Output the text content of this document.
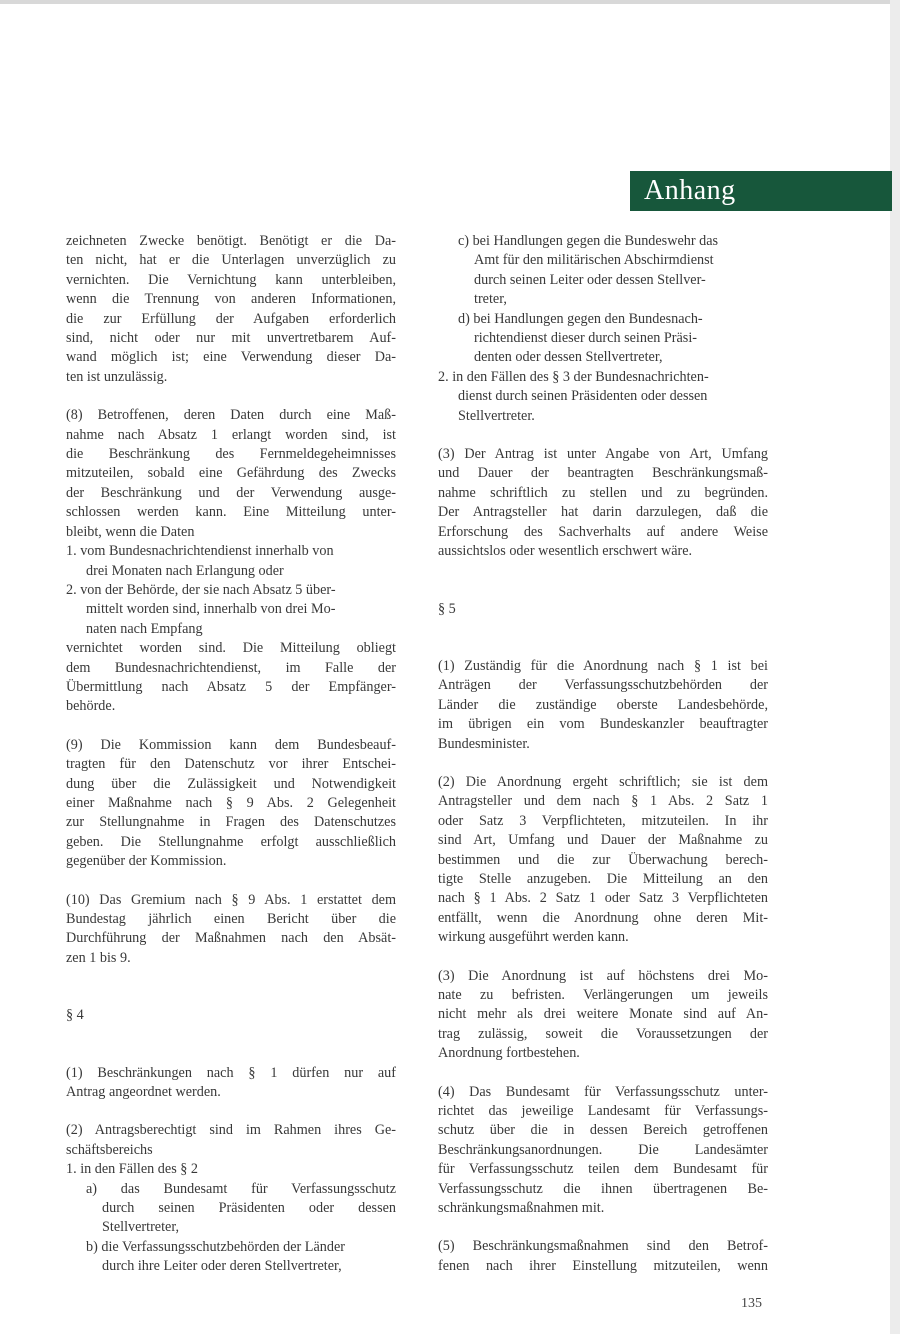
Anhang
zeichneten Zwecke benötigt. Benötigt er die Da-
ten nicht, hat er die Unterlagen unverzüglich zu
vernichten. Die Vernichtung kann unterbleiben,
wenn die Trennung von anderen Informationen,
die zur Erfüllung der Aufgaben erforderlich
sind, nicht oder nur mit unvertretbarem Auf-
wand möglich ist; eine Verwendung dieser Da-
ten ist unzulässig.
(8) Betroffenen, deren Daten durch eine Maß-
nahme nach Absatz 1 erlangt worden sind, ist
die Beschränkung des Fernmeldegeheimnisses
mitzuteilen, sobald eine Gefährdung des Zwecks
der Beschränkung und der Verwendung ausge-
schlossen werden kann. Eine Mitteilung unter-
bleibt, wenn die Daten
1. vom Bundesnachrichtendienst innerhalb von
drei Monaten nach Erlangung oder
2. von der Behörde, der sie nach Absatz 5 über-
mittelt worden sind, innerhalb von drei Mo-
naten nach Empfang
vernichtet worden sind. Die Mitteilung obliegt
dem Bundesnachrichtendienst, im Falle der
Übermittlung nach Absatz 5 der Empfänger-
behörde.
(9) Die Kommission kann dem Bundesbeauf-
tragten für den Datenschutz vor ihrer Entschei-
dung über die Zulässigkeit und Notwendigkeit
einer Maßnahme nach § 9 Abs. 2 Gelegenheit
zur Stellungnahme in Fragen des Datenschutzes
geben. Die Stellungnahme erfolgt ausschließlich
gegenüber der Kommission.
(10) Das Gremium nach § 9 Abs. 1 erstattet dem
Bundestag jährlich einen Bericht über die
Durchführung der Maßnahmen nach den Absät-
zen 1 bis 9.
§ 4
(1) Beschränkungen nach § 1 dürfen nur auf
Antrag angeordnet werden.
(2) Antragsberechtigt sind im Rahmen ihres Ge-
schäftsbereichs
1. in den Fällen des § 2
a) das Bundesamt für Verfassungsschutz
durch seinen Präsidenten oder dessen
Stellvertreter,
b) die Verfassungsschutzbehörden der Länder
durch ihre Leiter oder deren Stellvertreter,
c) bei Handlungen gegen die Bundeswehr das
Amt für den militärischen Abschirmdienst
durch seinen Leiter oder dessen Stellver-
treter,
d) bei Handlungen gegen den Bundesnach-
richtendienst dieser durch seinen Präsi-
denten oder dessen Stellvertreter,
2. in den Fällen des § 3 der Bundesnachrichten-
dienst durch seinen Präsidenten oder dessen
Stellvertreter.
(3) Der Antrag ist unter Angabe von Art, Umfang
und Dauer der beantragten Beschränkungsmaß-
nahme schriftlich zu stellen und zu begründen.
Der Antragsteller hat darin darzulegen, daß die
Erforschung des Sachverhalts auf andere Weise
aussichtslos oder wesentlich erschwert wäre.
§ 5
(1) Zuständig für die Anordnung nach § 1 ist bei
Anträgen der Verfassungsschutzbehörden der
Länder die zuständige oberste Landesbehörde,
im übrigen ein vom Bundeskanzler beauftragter
Bundesminister.
(2) Die Anordnung ergeht schriftlich; sie ist dem
Antragsteller und dem nach § 1 Abs. 2 Satz 1
oder Satz 3 Verpflichteten, mitzuteilen. In ihr
sind Art, Umfang und Dauer der Maßnahme zu
bestimmen und die zur Überwachung berech-
tigte Stelle anzugeben. Die Mitteilung an den
nach § 1 Abs. 2 Satz 1 oder Satz 3 Verpflichteten
entfällt, wenn die Anordnung ohne deren Mit-
wirkung ausgeführt werden kann.
(3) Die Anordnung ist auf höchstens drei Mo-
nate zu befristen. Verlängerungen um jeweils
nicht mehr als drei weitere Monate sind auf An-
trag zulässig, soweit die Voraussetzungen der
Anordnung fortbestehen.
(4) Das Bundesamt für Verfassungsschutz unter-
richtet das jeweilige Landesamt für Verfassungs-
schutz über die in dessen Bereich getroffenen
Beschränkungsanordnungen. Die Landesämter
für Verfassungsschutz teilen dem Bundesamt für
Verfassungsschutz die ihnen übertragenen Be-
schränkungsmaßnahmen mit.
(5) Beschränkungsmaßnahmen sind den Betrof-
fenen nach ihrer Einstellung mitzuteilen, wenn
135
